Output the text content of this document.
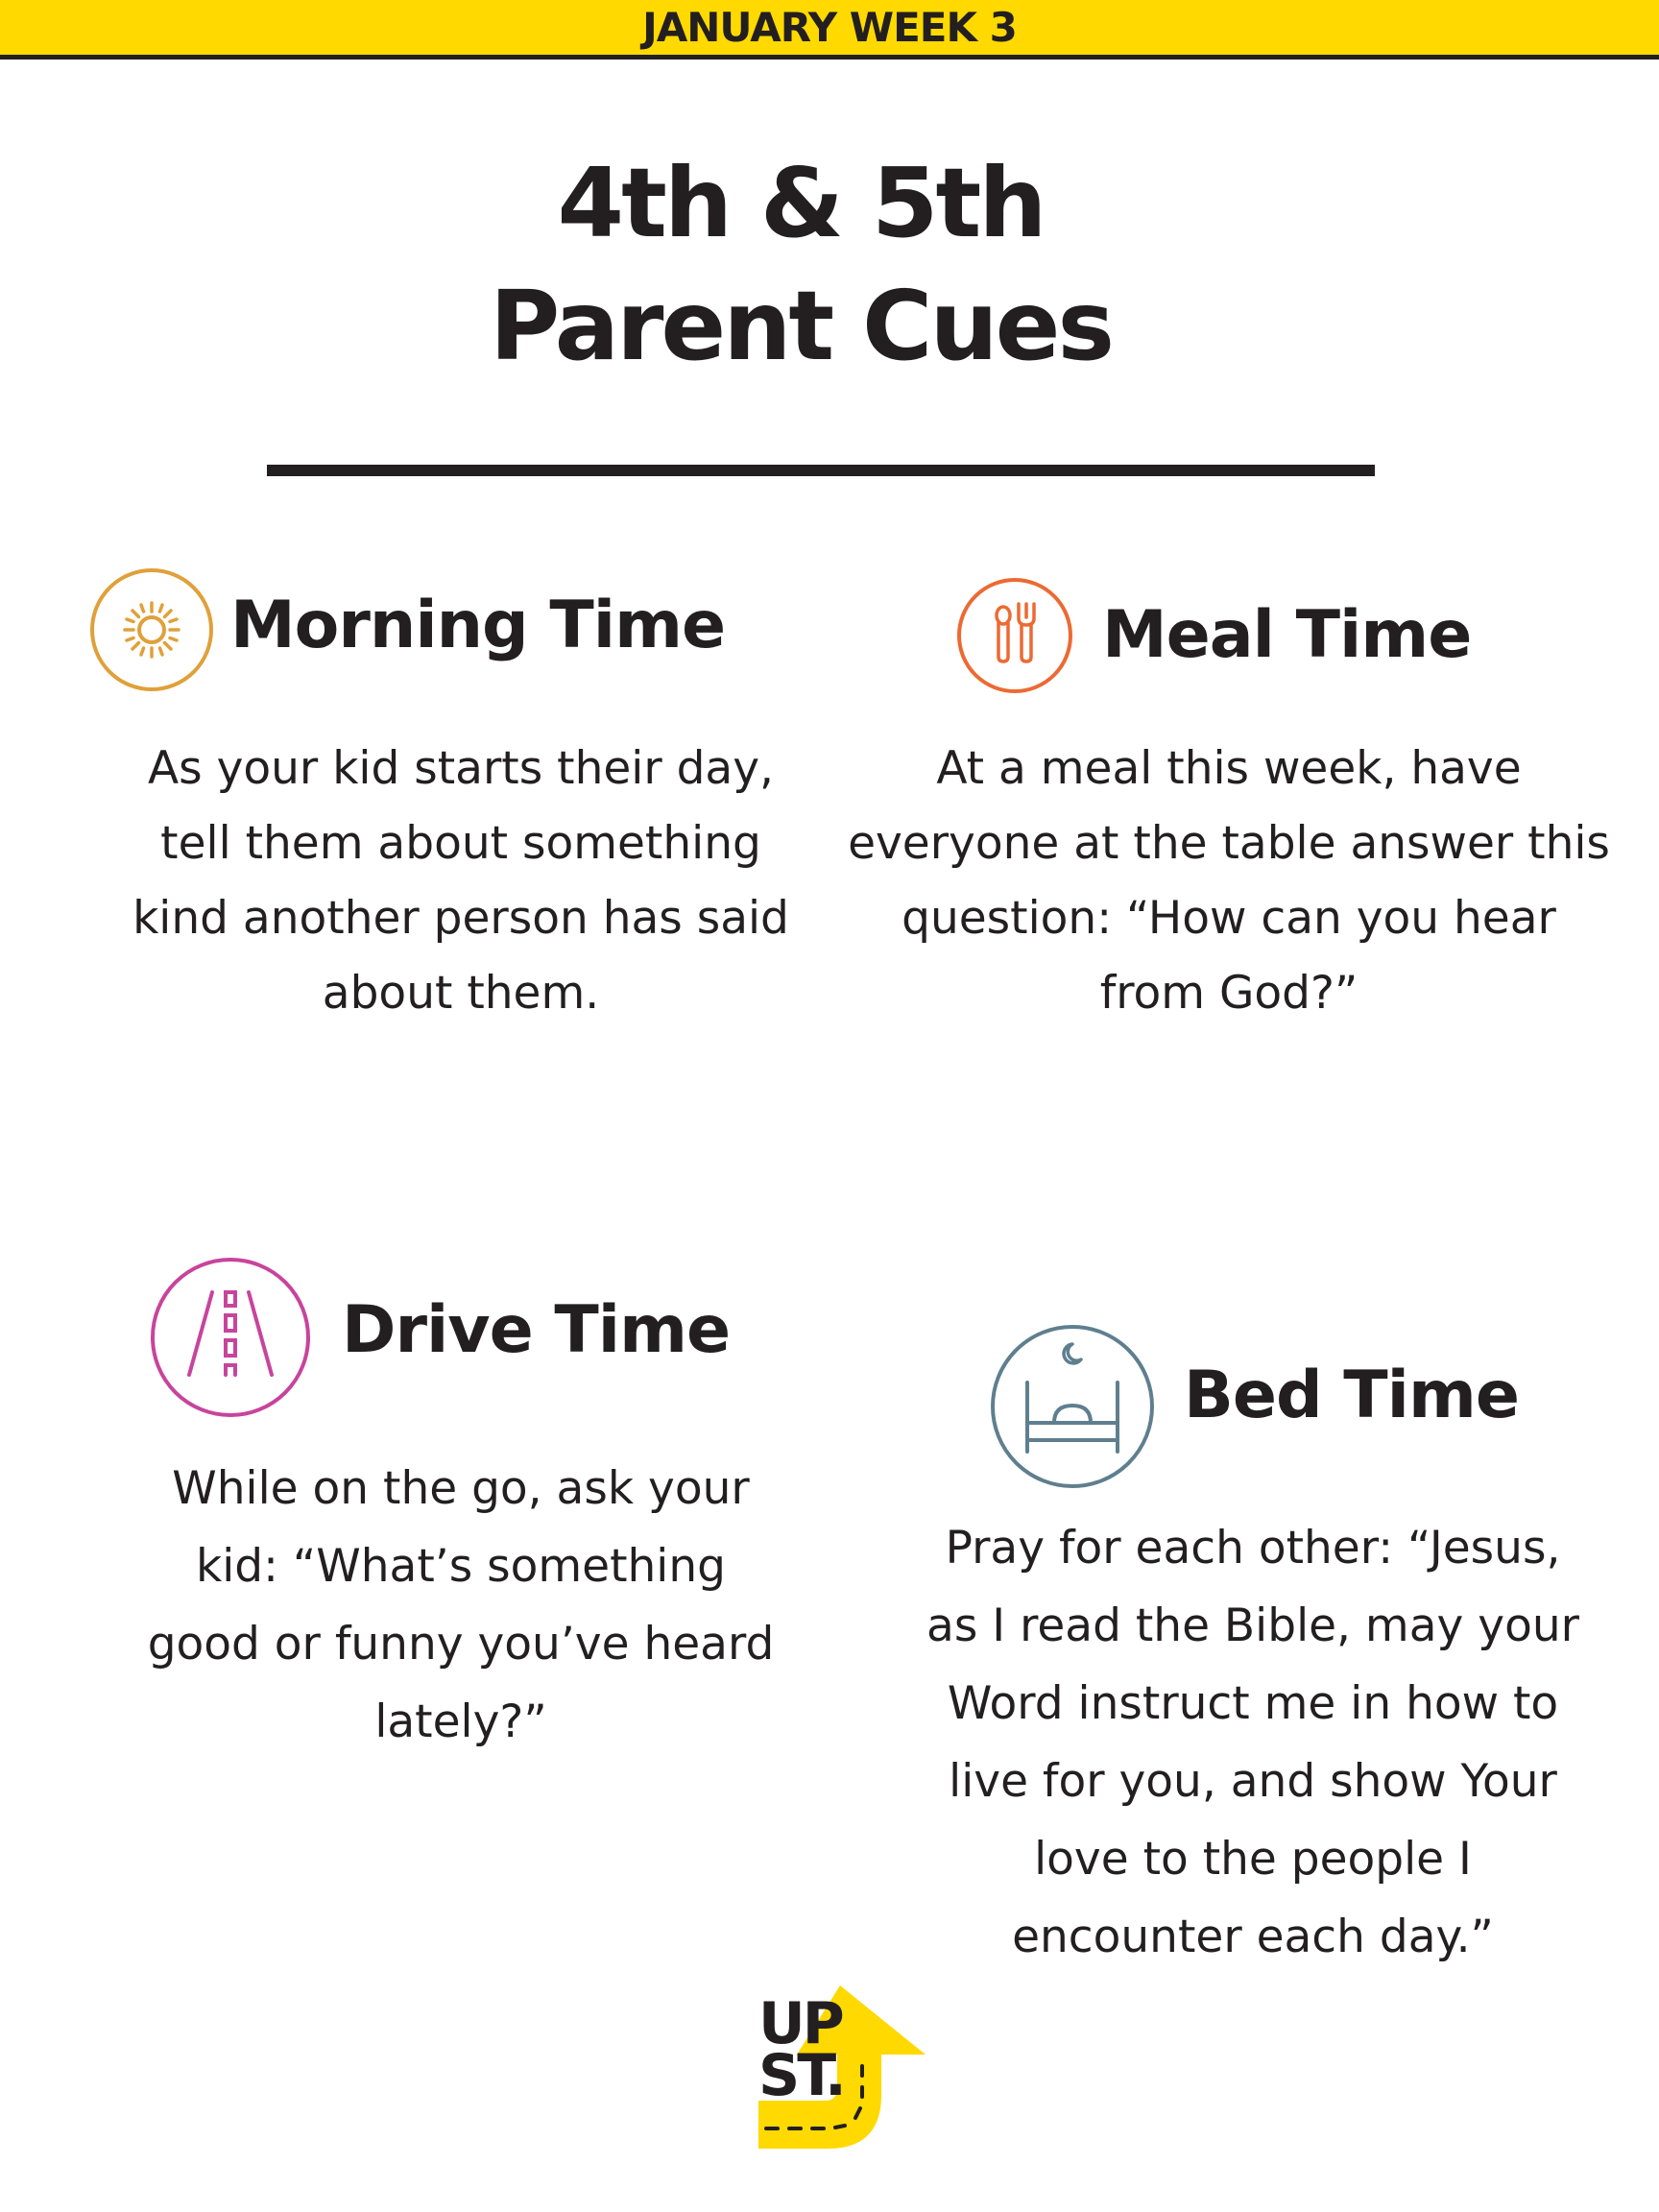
JANUARY WEEK 3
4th & 5th
Parent Cues
Morning Time
As your kid starts their day,
tell them about something
kind another person has said
about them.
Meal Time
At a meal this week, have
everyone at the table answer this
question: “How can you hear
from God?”
Drive Time
While on the go, ask your
kid: “What’s something
good or funny you’ve heard
lately?”
Bed Time
Pray for each other: “Jesus,
as I read the Bible, may your
Word instruct me in how to
live for you, and show Your
love to the people I
encounter each day.”
UP
ST.
